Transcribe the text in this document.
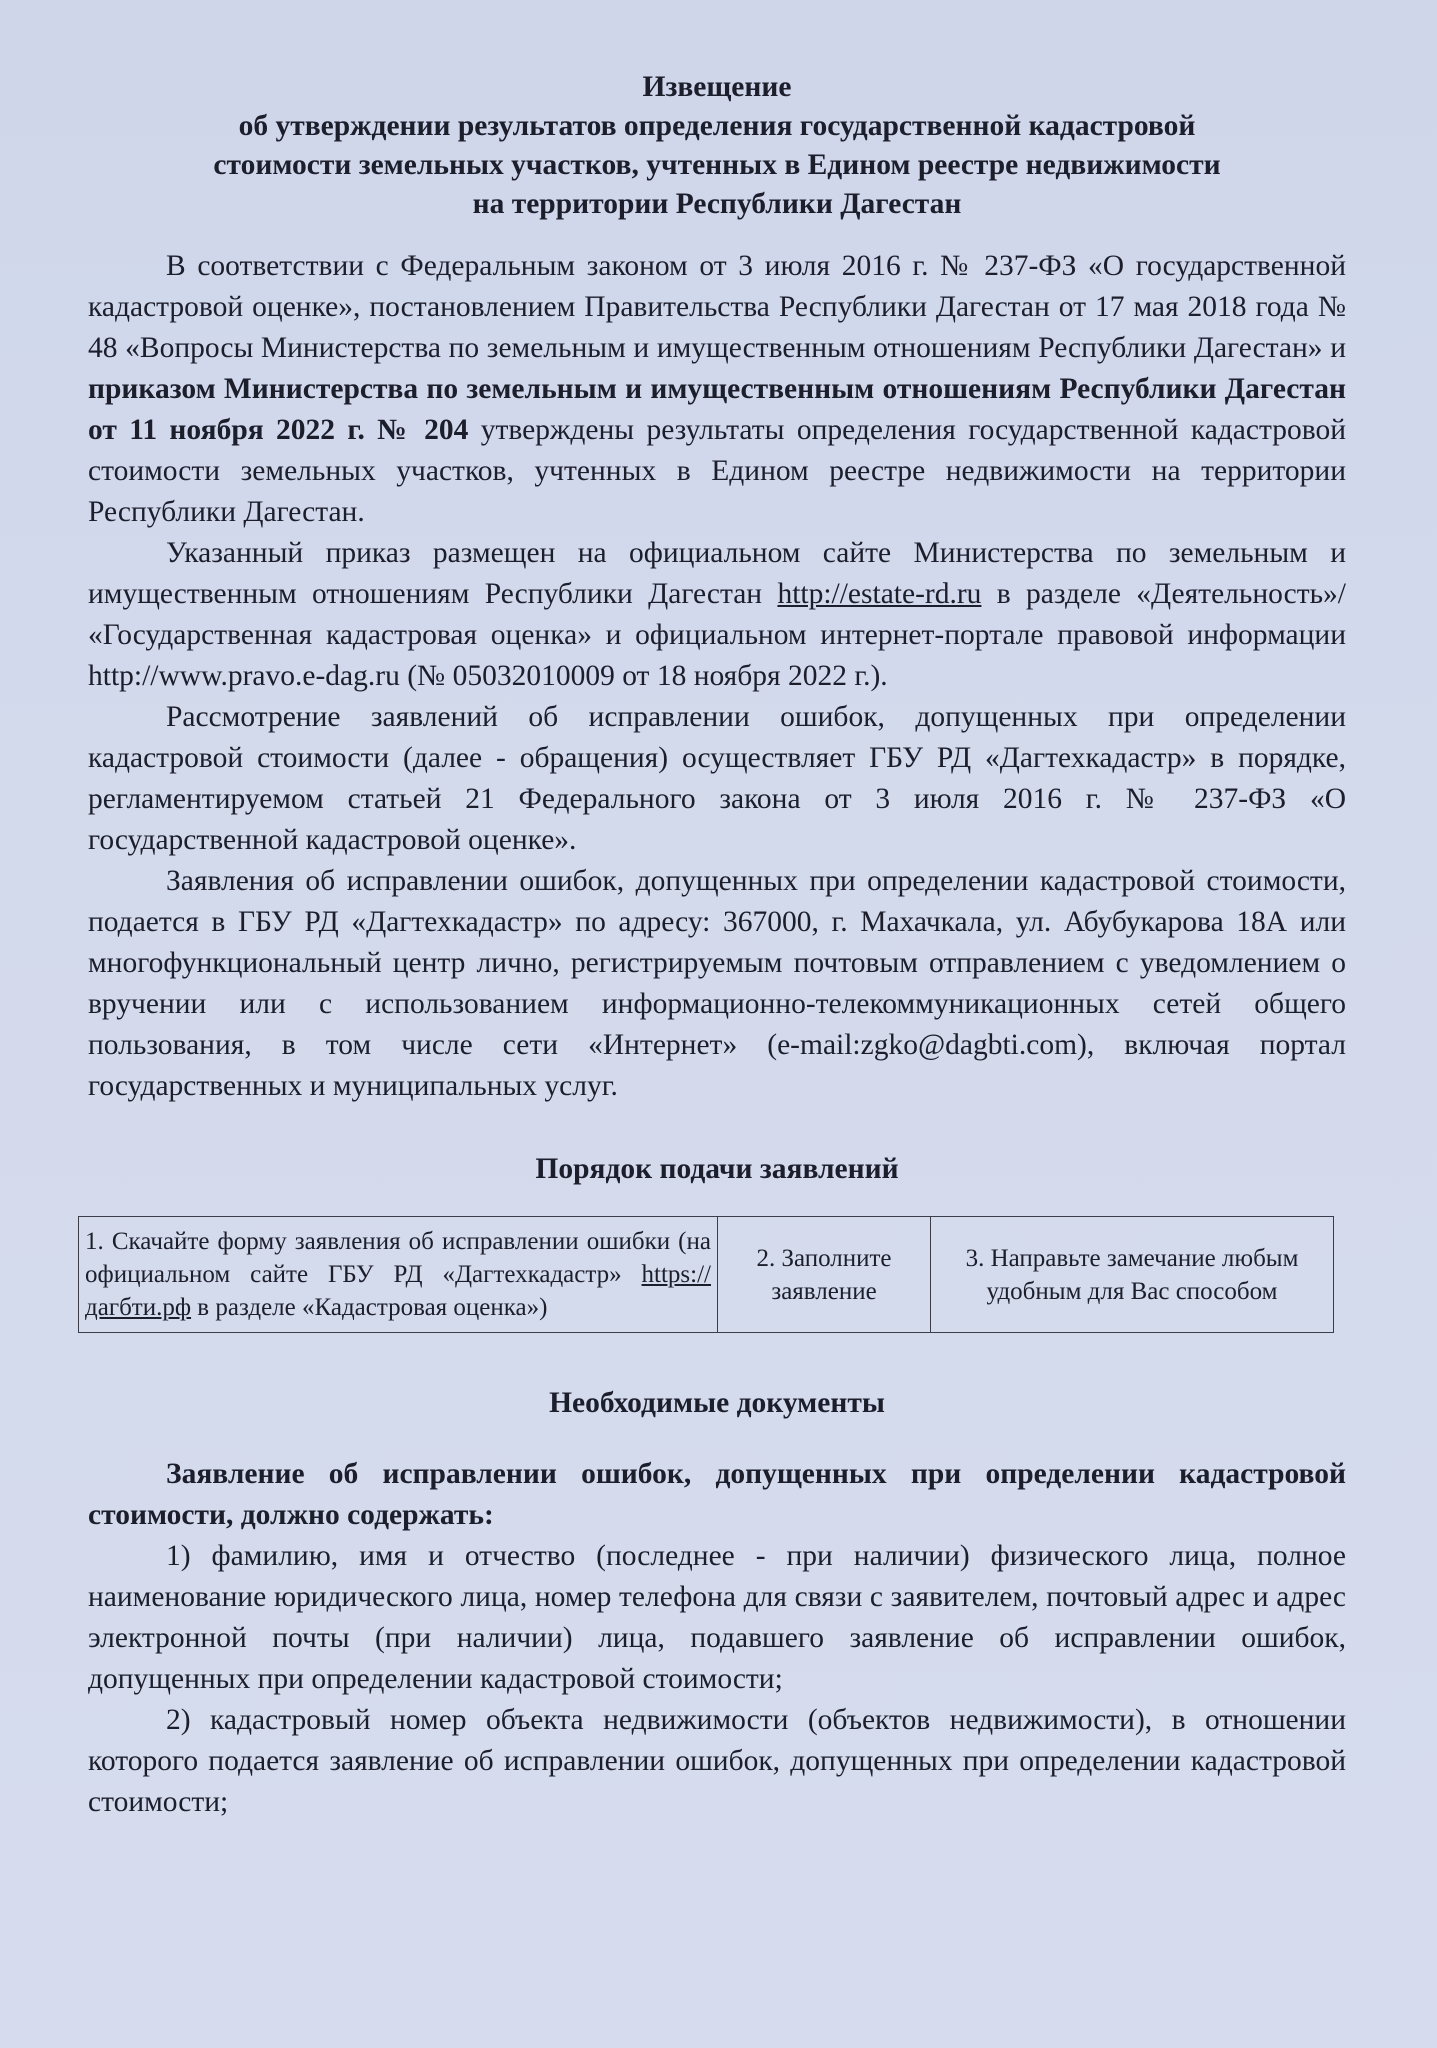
Извещение
об утверждении результатов определения государственной кадастровой
стоимости земельных участков, учтенных в Едином реестре недвижимости
на территории Республики Дагестан

В соответствии с Федеральным законом от 3 июля 2016 г. № 237-ФЗ «О государственной кадастровой оценке», постановлением Правительства Республики Дагестан от 17 мая 2018 года № 48 «Вопросы Министерства по земельным и имущественным отношениям Республики Дагестан» и приказом Министерства по земельным и имущественным отношениям Республики Дагестан от 11 ноября 2022 г. № 204 утверждены результаты определения государственной кадастровой стоимости земельных участков, учтенных в Едином реестре недвижимости на территории Республики Дагестан.

Указанный приказ размещен на официальном сайте Министерства по земельным и имущественным отношениям Республики Дагестан http://estate-rd.ru в разделе «Деятельность»/ «Государственная кадастровая оценка» и официальном интернет-портале правовой информации http://www.pravo.e-dag.ru (№ 05032010009 от 18 ноября 2022 г.).

Рассмотрение заявлений об исправлении ошибок, допущенных при определении кадастровой стоимости (далее - обращения) осуществляет ГБУ РД «Дагтехкадастр» в порядке, регламентируемом статьей 21 Федерального закона от 3 июля 2016 г. № 237-ФЗ «О государственной кадастровой оценке».

Заявления об исправлении ошибок, допущенных при определении кадастровой стоимости, подается в ГБУ РД «Дагтехкадастр» по адресу: 367000, г. Махачкала, ул. Абубукарова 18А или многофункциональный центр лично, регистрируемым почтовым отправлением с уведомлением о вручении или с использованием информационно-телекоммуникационных сетей общего пользования, в том числе сети «Интернет» (e-mail:zgko@dagbti.com), включая портал государственных и муниципальных услуг.

Порядок подачи заявлений
1. Скачайте форму заявления об исправлении ошибки (на официальном сайте ГБУ РД «Дагтехкадастр» https://дагбти.рф в разделе «Кадастровая оценка»)	2. Заполните заявление	3. Направьте замечание любым удобным для Вас способом
Необходимые документы

Заявление об исправлении ошибок, допущенных при определении кадастровой стоимости, должно содержать:

1) фамилию, имя и отчество (последнее - при наличии) физического лица, полное наименование юридического лица, номер телефона для связи с заявителем, почтовый адрес и адрес электронной почты (при наличии) лица, подавшего заявление об исправлении ошибок, допущенных при определении кадастровой стоимости;

2) кадастровый номер объекта недвижимости (объектов недвижимости), в отношении которого подается заявление об исправлении ошибок, допущенных при определении кадастровой стоимости;
